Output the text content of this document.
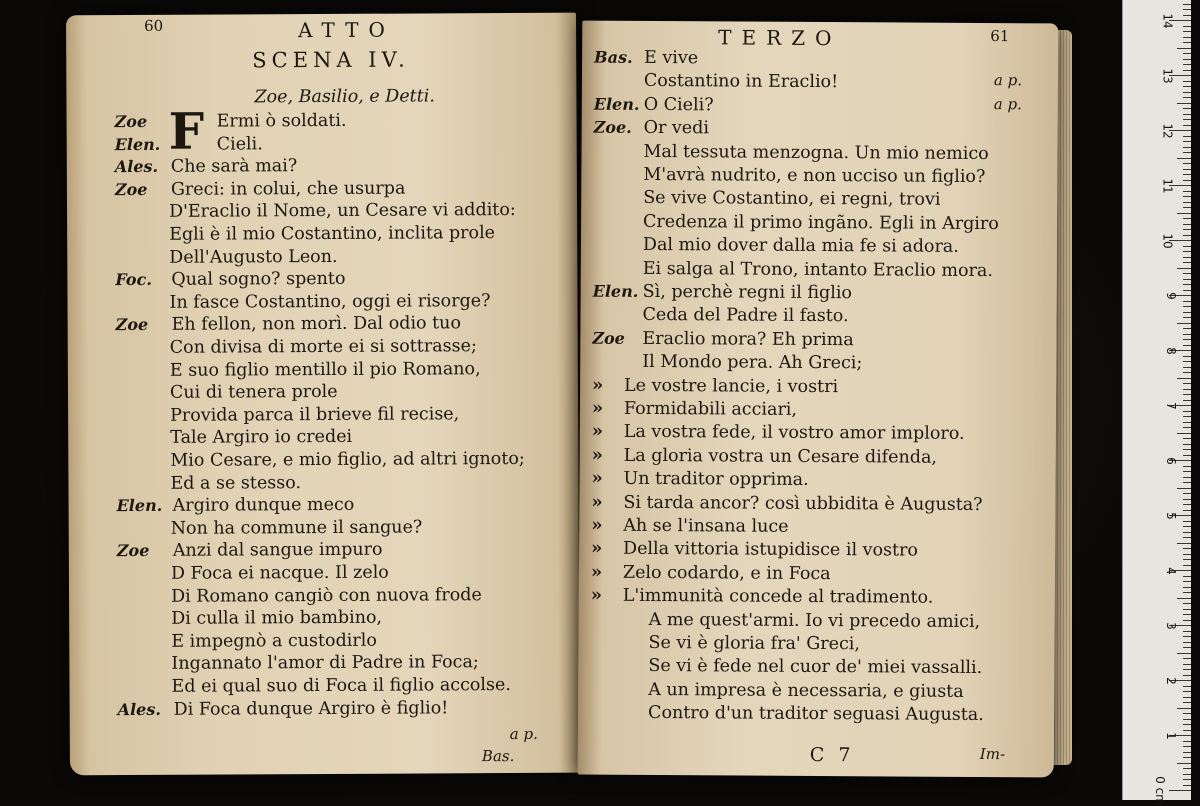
60	ATTO
SCENA IV.
Zoe, Basilio, e Detti.
F
Zoe	Ermi ò soldati.
Elen.	Cieli.
Ales. Che sarà mai?
Zoe Greci: in colui, che usurpa
D'Eraclio il Nome, un Cesare vi addito:
Egli è il mio Costantino, inclita prole
Dell'Augusto Leon.
Foc. Qual sogno? spento
In fasce Costantino, oggi ei risorge?
Zoe Eh fellon, non morì. Dal odio tuo
Con divisa di morte ei si sottrasse;
E suo figlio mentillo il pio Romano,
Cui di tenera prole
Provida parca il brieve fil recise,
Tale Argiro io credei
Mio Cesare, e mio figlio, ad altri ignoto;
Ed a se stesso.
Elen. Argiro dunque meco
Non ha commune il sangue?
Zoe Anzi dal sangue impuro
D Foca ei nacque. Il zelo
Di Romano cangiò con nuova frode
Di culla il mio bambino,
E impegnò a custodirlo
Ingannato l'amor di Padre in Foca;
Ed ei qual suo di Foca il figlio accolse.
Ales. Di Foca dunque Argiro è figlio!
a p.
Bas.
TERZO	61
Bas. E vive
Costantino in Eraclio!
Elen. O Cieli?
Zoe. Or vedi
Mal tessuta menzogna. Un mio nemico
M'avrà nudrito, e non ucciso un figlio?
Se vive Costantino, ei regni, trovi
Credenza il primo ingãno. Egli in Argiro
Dal mio dover dalla mia fe si adora.
Ei salga al Trono, intanto Eraclio mora.
Elen. Sì, perchè regni il figlio
Ceda del Padre il fasto.
Zoe Eraclio mora? Eh prima
Il Mondo pera. Ah Greci;
» Le vostre lancie, i vostri
» Formidabili acciari,
» La vostra fede, il vostro amor imploro.
» La gloria vostra un Cesare difenda,
» Un traditor opprima.
» Si tarda ancor? così ubbidita è Augusta?
» Ah se l'insana luce
» Della vittoria istupidisce il vostro
» Zelo codardo, e in Foca
» L'immunità concede al tradimento.
A me quest'armi. Io vi precedo amici,
Se vi è gloria fra' Greci,
Se vi è fede nel cuor de' miei vassalli.
A un impresa è necessaria, e giusta
Contro d'un traditor seguasi Augusta.
a p.
a p.
C 7	Im-
14
13
12
11
10
9
8
7
6
5
4
3
2
1
0 cm
